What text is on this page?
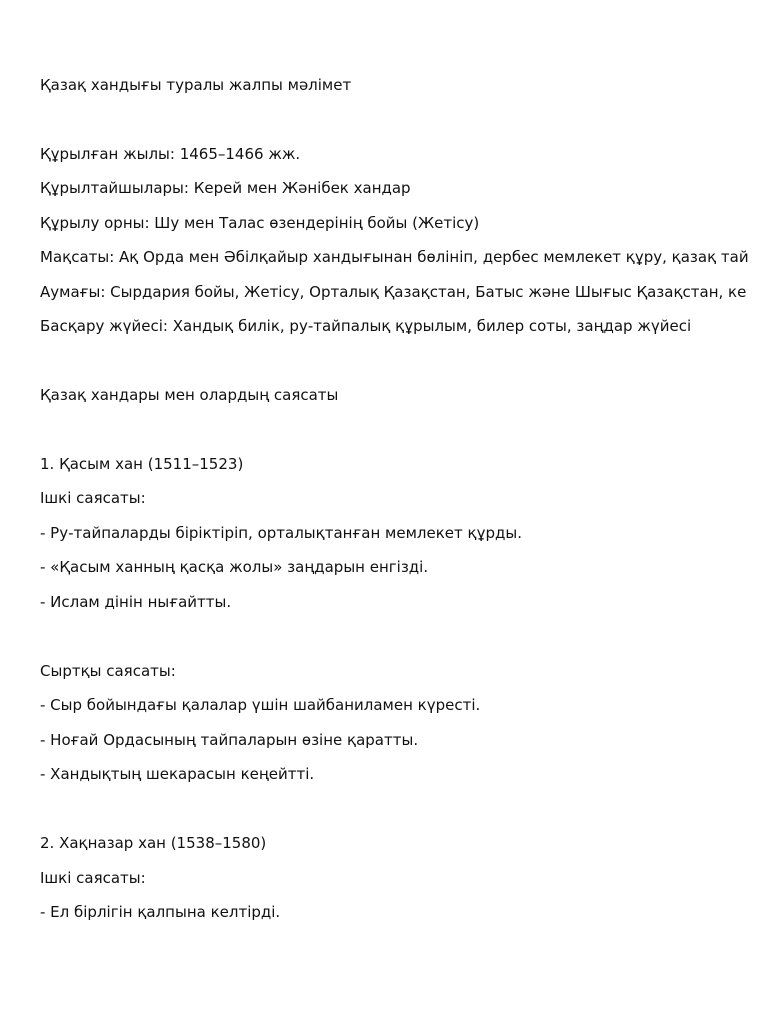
Қазақ хандығы туралы жалпы мәлімет
Құрылған жылы: 1465–1466 жж.
Құрылтайшылары: Керей мен Жәнібек хандар
Құрылу орны: Шу мен Талас өзендерінің бойы (Жетісу)
Мақсаты: Ақ Орда мен Әбілқайыр хандығынан бөлініп, дербес мемлекет құру, қазақ тай
Аумағы: Сырдария бойы, Жетісу, Орталық Қазақстан, Батыс және Шығыс Қазақстан, ке
Басқару жүйесі: Хандық билік, ру-тайпалық құрылым, билер соты, заңдар жүйесі
Қазақ хандары мен олардың саясаты
1. Қасым хан (1511–1523)
Ішкі саясаты:
- Ру-тайпаларды біріктіріп, орталықтанған мемлекет құрды.
- «Қасым ханның қасқа жолы» заңдарын енгізді.
- Ислам дінін нығайтты.
Сыртқы саясаты:
- Сыр бойындағы қалалар үшін шайбаниламен күресті.
- Ноғай Ордасының тайпаларын өзіне қаратты.
- Хандықтың шекарасын кеңейтті.
2. Хақназар хан (1538–1580)
Ішкі саясаты:
- Ел бірлігін қалпына келтірді.
